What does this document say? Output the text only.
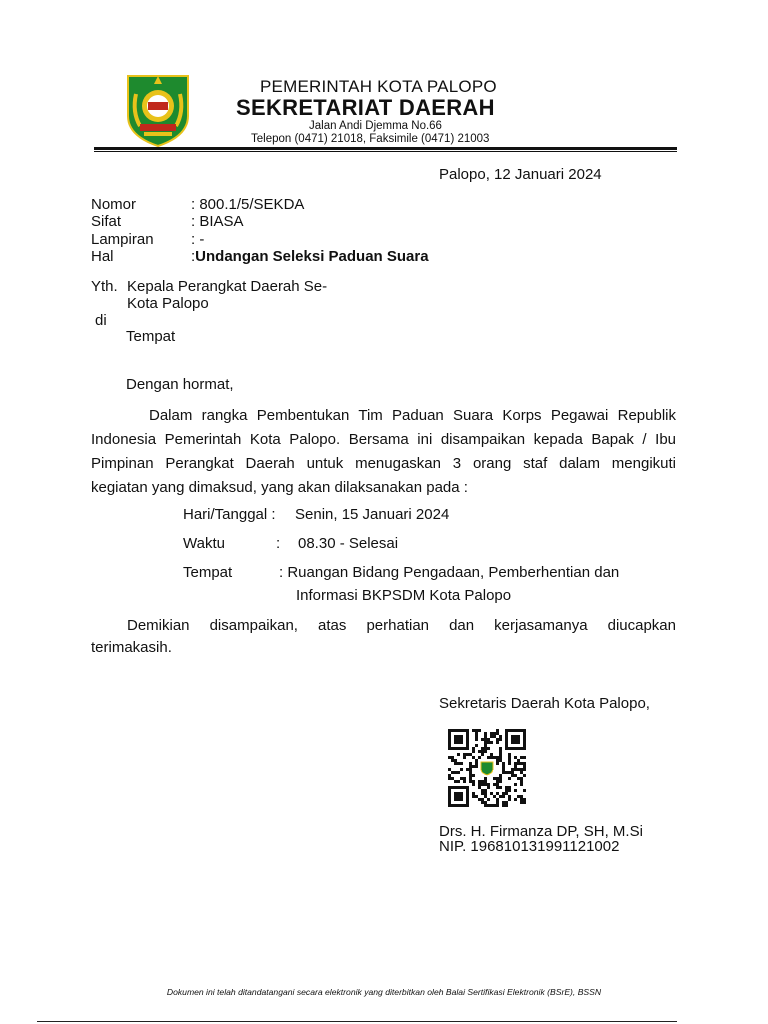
PEMERINTAH KOTA PALOPO
SEKRETARIAT DAERAH
Jalan Andi Djemma No.66
Telepon (0471) 21018, Faksimile (0471) 21003
Palopo, 12 Januari 2024
Nomor	: 800.1/5/SEKDA
Sifat	: BIASA
Lampiran : -
Hal	:Undangan Seleksi Paduan Suara
Yth. Kepala Perangkat Daerah Se-
Kota Palopo
di
Tempat
Dengan hormat,
Dalam rangka Pembentukan Tim Paduan Suara Korps Pegawai Republik
Indonesia Pemerintah Kota Palopo. Bersama ini disampaikan kepada Bapak / Ibu
Pimpinan Perangkat Daerah untuk menugaskan 3 orang staf dalam mengikuti
kegiatan yang dimaksud, yang akan dilaksanakan pada :
Hari/Tanggal : Senin, 15 Januari 2024
Waktu	: 08.30 - Selesai
Tempat	: Ruangan Bidang Pengadaan, Pemberhentian dan
Informasi BKPSDM Kota Palopo
Demikian disampaikan, atas perhatian dan kerjasamanya diucapkan
terimakasih.
Sekretaris Daerah Kota Palopo,
Drs. H. Firmanza DP, SH, M.Si
NIP. 196810131991121002
Dokumen ini telah ditandatangani secara elektronik yang diterbitkan oleh Balai Sertifikasi Elektronik (BSrE), BSSN
